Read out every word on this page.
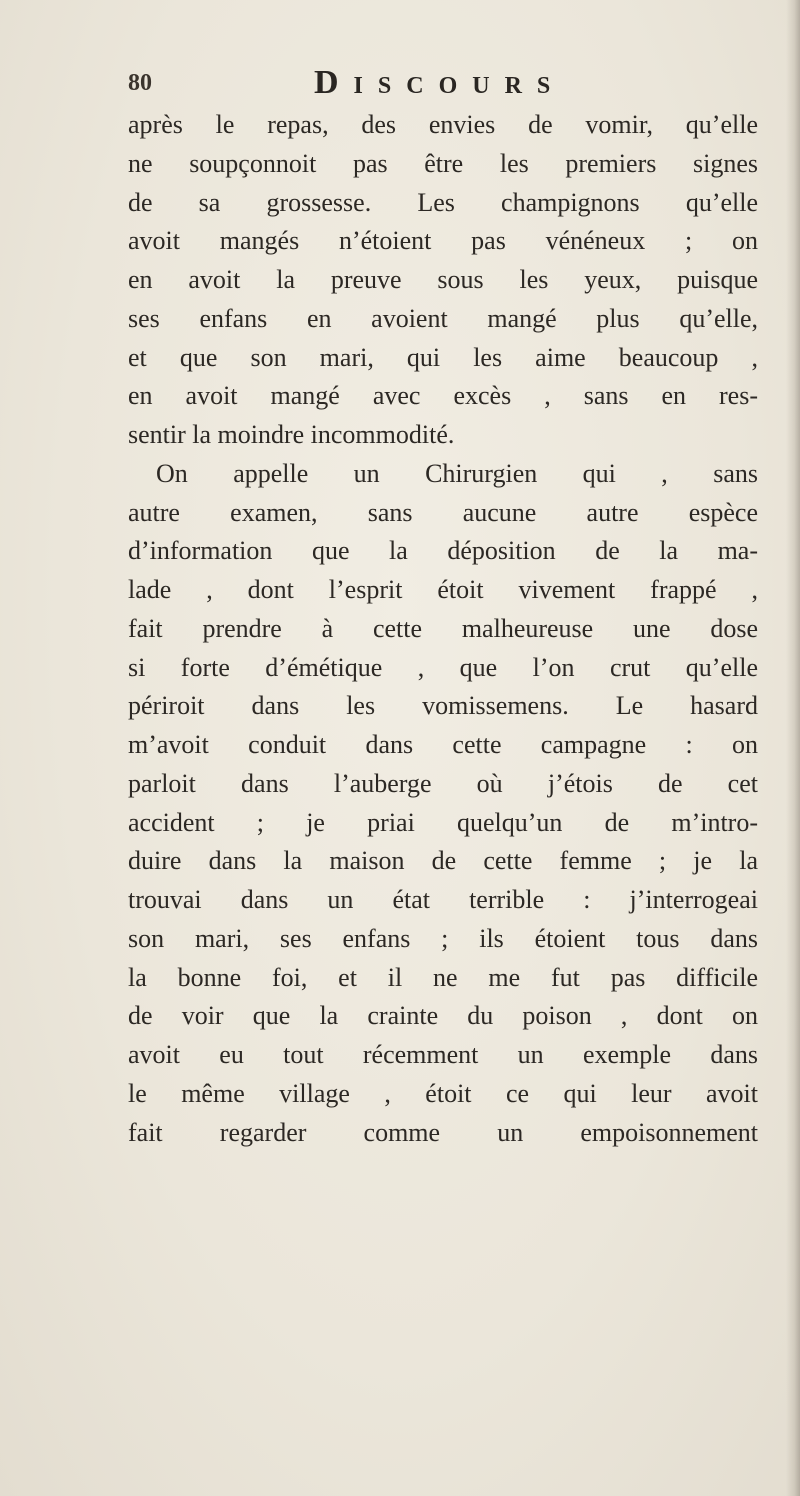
80	Discours
après le repas, des envies de vomir, qu’elle
ne soupçonnoit pas être les premiers signes
de sa grossesse. Les champignons qu’elle
avoit mangés n’étoient pas vénéneux ; on
en avoit la preuve sous les yeux, puisque
ses enfans en avoient mangé plus qu’elle,
et que son mari, qui les aime beaucoup ,
en avoit mangé avec excès , sans en res-
sentir la moindre incommodité.
On appelle un Chirurgien qui , sans
autre examen, sans aucune autre espèce
d’information que la déposition de la ma-
lade , dont l’esprit étoit vivement frappé ,
fait prendre à cette malheureuse une dose
si forte d’émétique , que l’on crut qu’elle
périroit dans les vomissemens. Le hasard
m’avoit conduit dans cette campagne : on
parloit dans l’auberge où j’étois de cet
accident ; je priai quelqu’un de m’intro-
duire dans la maison de cette femme ; je la
trouvai dans un état terrible : j’interrogeai
son mari, ses enfans ; ils étoient tous dans
la bonne foi, et il ne me fut pas difficile
de voir que la crainte du poison , dont on
avoit eu tout récemment un exemple dans
le même village , étoit ce qui leur avoit
fait regarder comme un empoisonnement
